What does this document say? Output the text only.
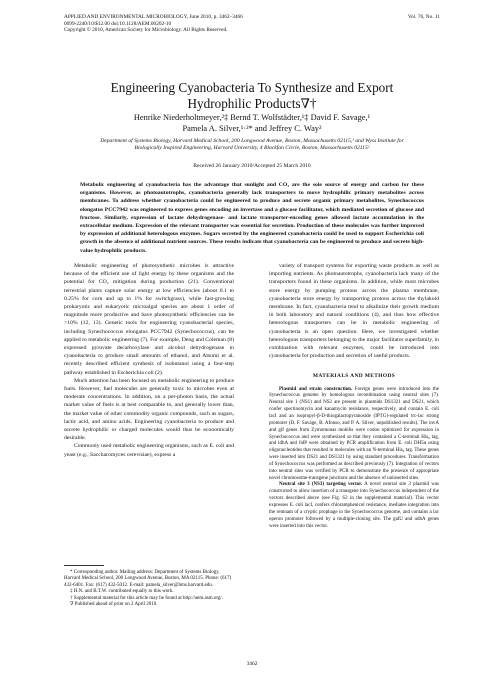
APPLIED AND ENVIRONMENTAL MICROBIOLOGY, June 2010, p. 3462–3466
0099-2240/10/$12.00 doi:10.1128/AEM.00202-10
Copyright © 2010, American Society for Microbiology. All Rights Reserved.
Vol. 76, No. 11
Engineering Cyanobacteria To Synthesize and Export
Hydrophilic Products∇†
Henrike Niederholtmeyer,²‡ Bernd T. Wolfstädter,¹‡ David F. Savage,¹
Pamela A. Silver,¹·²* and Jeffrey C. Way²
Department of Systems Biology, Harvard Medical School, 200 Longwood Avenue, Boston, Massachusetts 02115,¹ and Wyss Institute for
Biologically Inspired Engineering, Harvard University, 4 Blackfan Circle, Boston, Massachusetts 02115²
Received 26 January 2010/Accepted 25 March 2010
Metabolic engineering of cyanobacteria has the advantage that sunlight and CO₂ are the sole source of energy and carbon for these organisms. However, as photoautotrophs, cyanobacteria generally lack transporters to move hydrophilic primary metabolites across membranes. To address whether cyanobacteria could be engineered to produce and secrete organic primary metabolites, Synechococcus elongatus PCC7942 was engineered to express genes encoding an invertase and a glucose facilitator, which mediated secretion of glucose and fructose. Similarly, expression of lactate dehydrogenase- and lactate transporter-encoding genes allowed lactate accumulation in the extracellular medium. Expression of the relevant transporter was essential for secretion. Production of these molecules was further improved by expression of additional heterologous enzymes. Sugars secreted by the engineered cyanobacteria could be used to support Escherichia coli growth in the absence of additional nutrient sources. These results indicate that cyanobacteria can be engineered to produce and secrete high-value hydrophilic products.

Metabolic engineering of photosynthetic microbes is attractive because of the efficient use of light energy by these organisms and the potential for CO₂ mitigation during production (21). Conventional terrestrial plants capture solar energy at low efficiencies (about 0.1 to 0.25% for corn and up to 1% for switchgrass), while fast-growing prokaryotic and eukaryotic microalgal species are about 1 order of magnitude more productive and have photosynthetic efficiencies can be >10% (12, 13). Genetic tools for engineering cyanobacterial species, including Synechococcus elongatus PCC7942 (Synechococcus), can be applied to metabolic engineering (7). For example, Deng and Coleman (8) expressed pyruvate decarboxylase and alcohol dehydrogenase in cyanobacteria to produce small amounts of ethanol, and Atsumi et al. recently described efficient synthesis of isobutanol using a four-step pathway established in Escherichia coli (2).

Much attention has been focused on metabolic engineering to produce fuels. However, fuel molecules are generally toxic to microbes even at moderate concentrations. In addition, on a per-photon basis, the actual market value of fuels is at best comparable to, and generally lower than, the market value of other commodity organic compounds, such as sugars, lactic acid, and amino acids. Engineering cyanobacteria to produce and secrete hydrophilic or charged molecules would thus be economically desirable.

Commonly used metabolic engineering organisms, such as E. coli and yeast (e.g., Saccharomyces cerevisiae), express a

* Corresponding author. Mailing address: Department of Systems Biology, Harvard Medical School, 200 Longwood Avenue, Boston, MA 02115. Phone: (617) 432-6401. Fax: (617) 432-5012. E-mail: pamela_silver@hms.harvard.edu.

‡ H.N. and B.T.W. contributed equally to this work.

† Supplemental material for this article may be found at http://aem.asm.org/.

∇ Published ahead of print on 2 April 2010.

variety of transport systems for exporting waste products as well as importing nutrients. As photoautotrophs, cyanobacteria lack many of the transporters found in these organisms. In addition, while most microbes store energy by pumping protons across the plasma membrane, cyanobacteria store energy by transporting protons across the thylakoid membrane. In fact, cyanobacteria tend to alkalinize their growth medium in both laboratory and natural conditions (4), and thus how effective heterologous transporters can be in metabolic engineering of cyanobacteria is an open question. Here, we investigated whether heterologous transporters belonging to the major facilitator superfamily, in combination with relevant enzymes, could be introduced into cyanobacteria for production and secretion of useful products.

MATERIALS AND METHODS

Plasmid and strain construction. Foreign genes were introduced into the Synechococcus genome by homologous recombination using neutral sites (7). Neutral site 1 (NS1) and NS2 are present in plasmids DS1321 and DS21, which confer spectinomycin and kanamycin resistance, respectively, and contain E. coli lacI and an isopropyl-β-D-thiogalactopyranoside (IPTG)-regulated trc-lac strong promoter (D. F. Savage, B. Afonso, and P. A. Silver, unpublished results). The invA and glf genes from Zymomonas mobilis were codon optimized for expression in Synechococcus and were synthesized so that they contained a C-terminal His₆ tag, and ldhA and lldP were obtained by PCR amplification from E. coli DH5α using oligonucleotides that resulted in molecules with an N-terminal His₆ tag. These genes were inserted into DS21 and DS1321 by using standard procedures. Transformation of Synechococcus was performed as described previously (7). Integration of vectors into neutral sites was verified by PCR to demonstrate the presence of appropriate novel chromosome-transgene junctions and the absence of uninserted sites.

Neutral site 3 (NS3) targeting vector. A novel neutral site 3 plasmid was constructed to allow insertion of a transgene into Synechococcus independent of the vectors described above (see Fig. S2 in the supplemental material). This vector expresses E. coli lacI, confers chloramphenicol resistance, mediates integration into the remnant of a cryptic prophage in the Synechococcus genome, and contains a lac operon promoter followed by a multiple-cloning site. The galU and udhA genes were inserted into this vector.

3462
